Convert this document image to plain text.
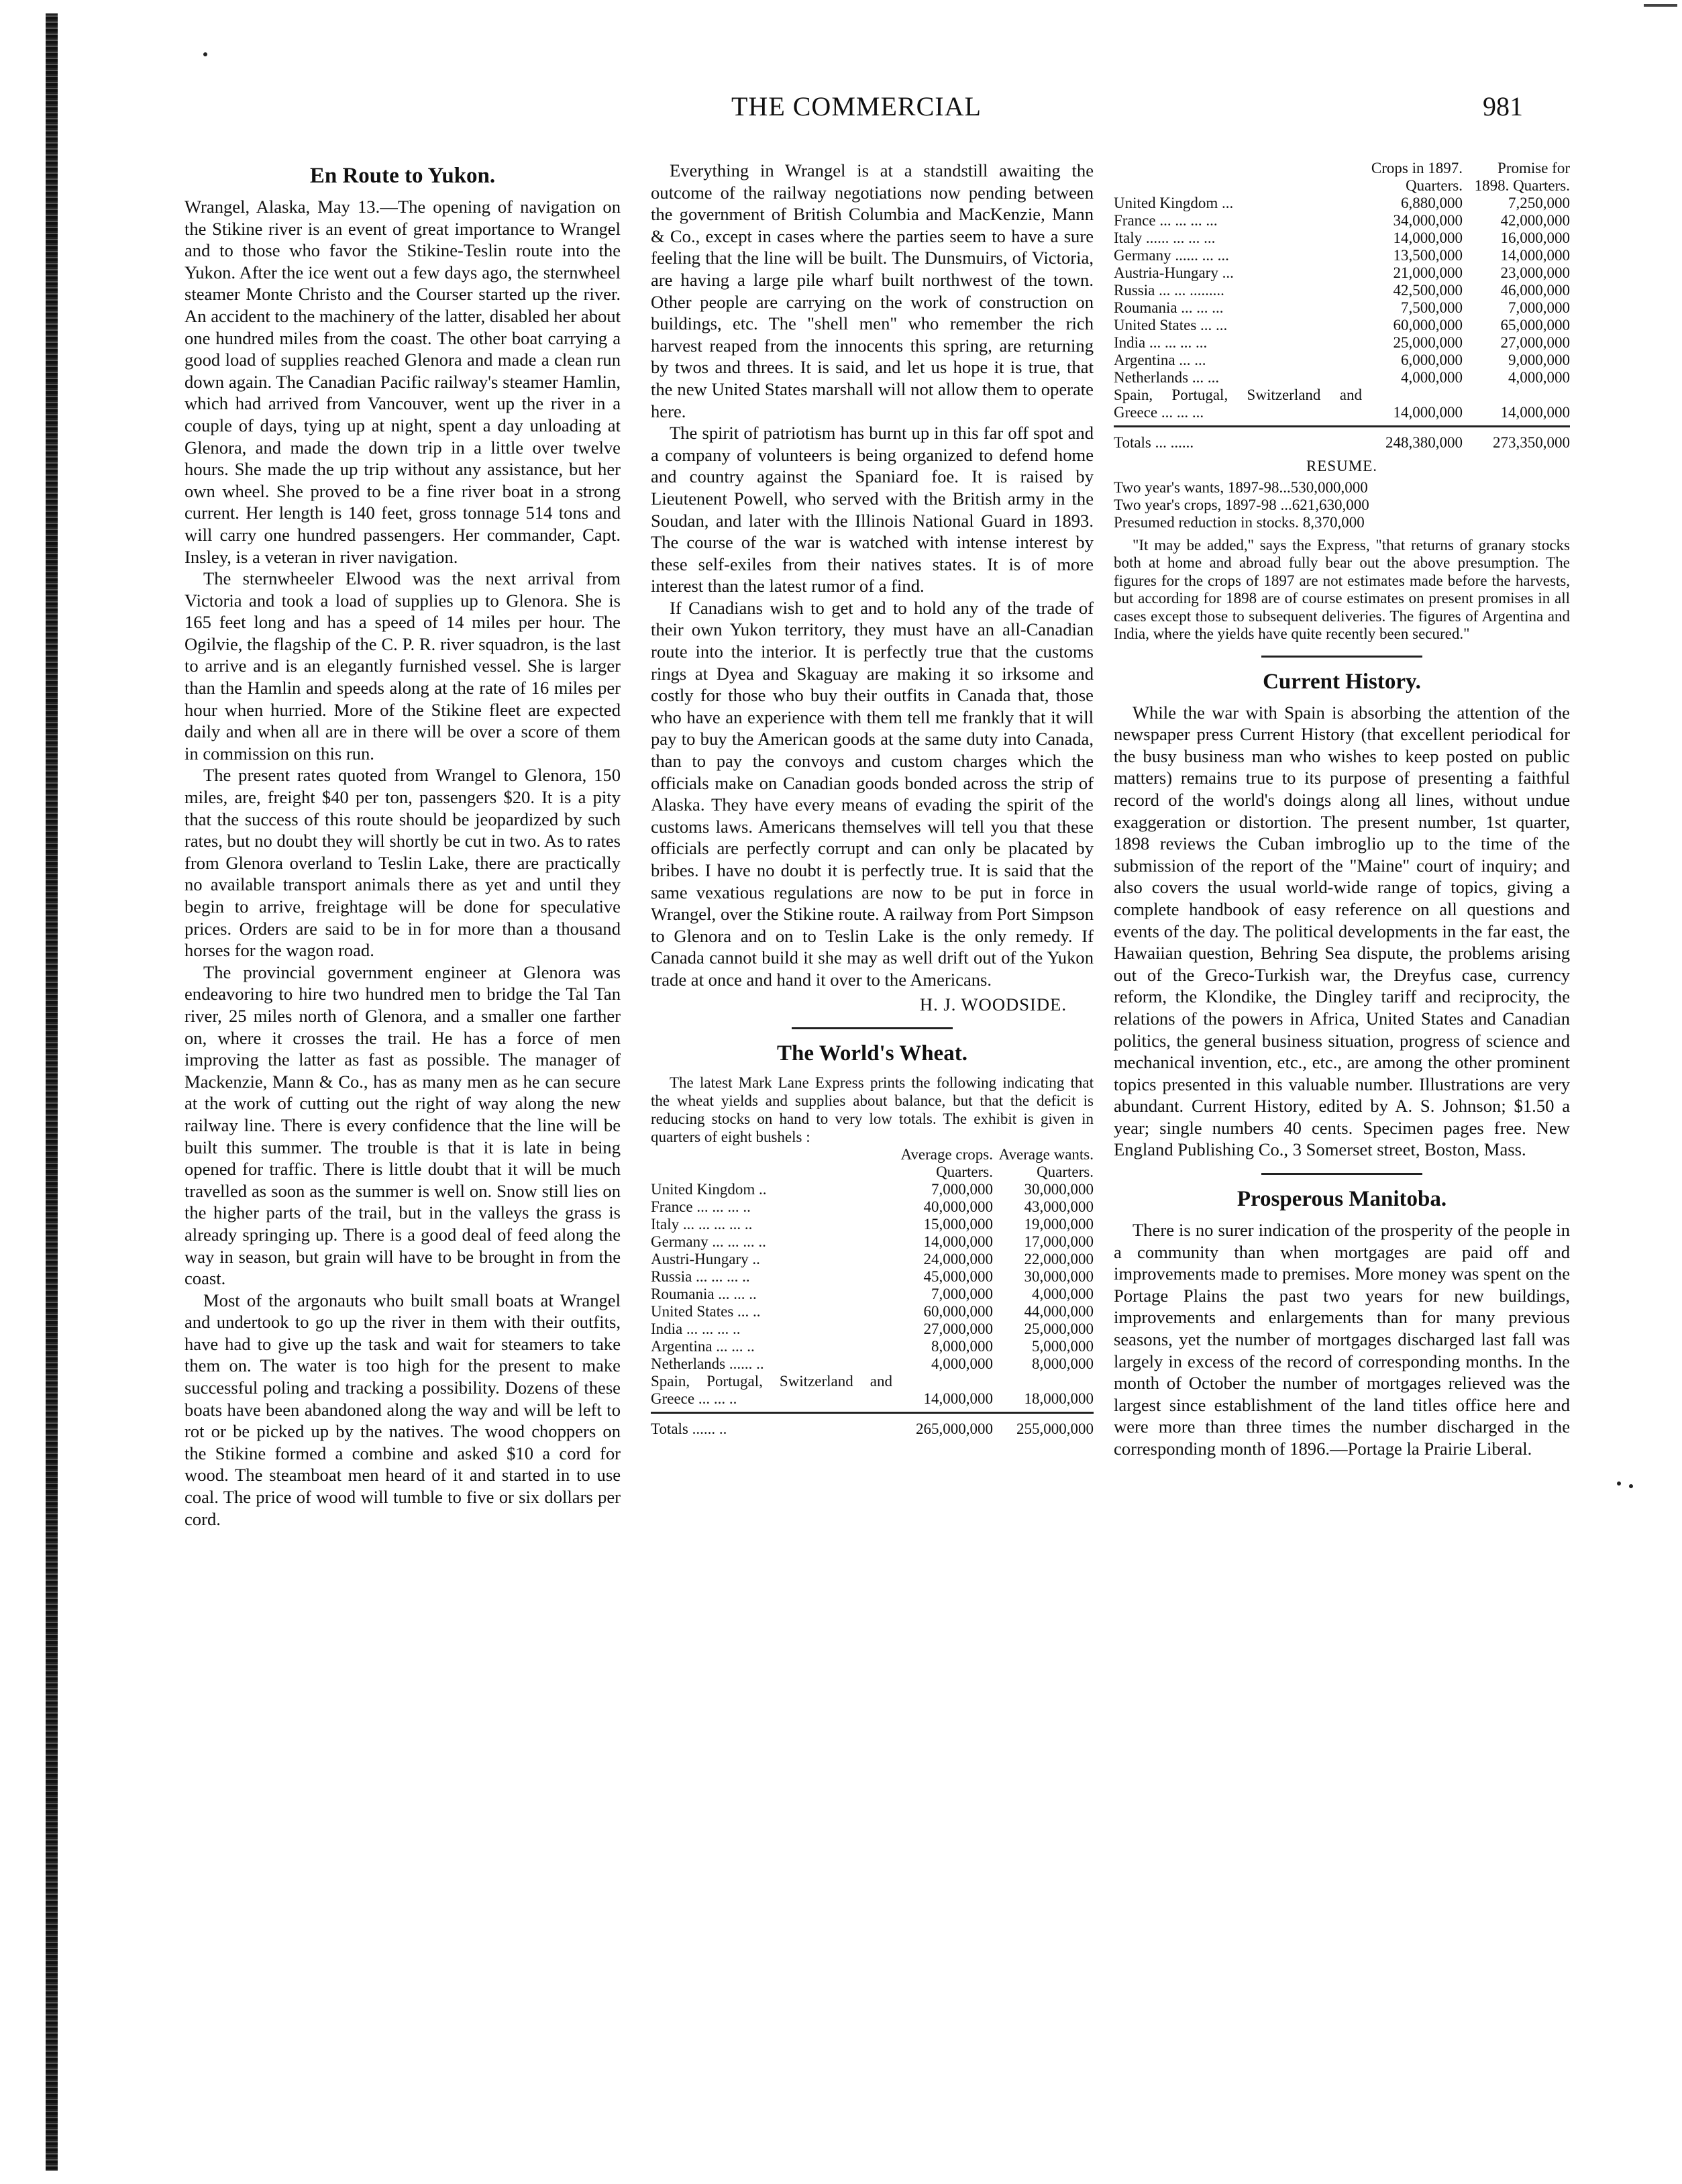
THE COMMERCIAL	981
En Route to Yukon.

Wrangel, Alaska, May 13.—The opening of navigation on the Stikine river is an event of great importance to Wrangel and to those who favor the Stikine-Teslin route into the Yukon. After the ice went out a few days ago, the sternwheel steamer Monte Christo and the Courser started up the river. An accident to the machinery of the latter, disabled her about one hundred miles from the coast. The other boat carrying a good load of supplies reached Glenora and made a clean run down again. The Canadian Pacific railway's steamer Hamlin, which had arrived from Vancouver, went up the river in a couple of days, tying up at night, spent a day unloading at Glenora, and made the down trip in a little over twelve hours. She made the up trip without any assistance, but her own wheel. She proved to be a fine river boat in a strong current. Her length is 140 feet, gross tonnage 514 tons and will carry one hundred passengers. Her commander, Capt. Insley, is a veteran in river navigation.

The sternwheeler Elwood was the next arrival from Victoria and took a load of supplies up to Glenora. She is 165 feet long and has a speed of 14 miles per hour. The Ogilvie, the flagship of the C. P. R. river squadron, is the last to arrive and is an elegantly furnished vessel. She is larger than the Hamlin and speeds along at the rate of 16 miles per hour when hurried. More of the Stikine fleet are expected daily and when all are in there will be over a score of them in commission on this run.

The present rates quoted from Wrangel to Glenora, 150 miles, are, freight $40 per ton, passengers $20. It is a pity that the success of this route should be jeopardized by such rates, but no doubt they will shortly be cut in two. As to rates from Glenora overland to Teslin Lake, there are practically no available transport animals there as yet and until they begin to arrive, freightage will be done for speculative prices. Orders are said to be in for more than a thousand horses for the wagon road.

The provincial government engineer at Glenora was endeavoring to hire two hundred men to bridge the Tal Tan river, 25 miles north of Glenora, and a smaller one farther on, where it crosses the trail. He has a force of men improving the latter as fast as possible. The manager of Mackenzie, Mann & Co., has as many men as he can secure at the work of cutting out the right of way along the new railway line. There is every confidence that the line will be built this summer. The trouble is that it is late in being opened for traffic. There is little doubt that it will be much travelled as soon as the summer is well on. Snow still lies on the higher parts of the trail, but in the valleys the grass is already springing up. There is a good deal of feed along the way in season, but grain will have to be brought in from the coast.

Most of the argonauts who built small boats at Wrangel and undertook to go up the river in them with their outfits, have had to give up the task and wait for steamers to take them on. The water is too high for the present to make successful poling and tracking a possibility. Dozens of these boats have been abandoned along the way and will be left to rot or be picked up by the natives. The wood choppers on the Stikine formed a combine and asked $10 a cord for wood. The steamboat men heard of it and started in to use coal. The price of wood will tumble to five or six dollars per cord.

Everything in Wrangel is at a standstill awaiting the outcome of the railway negotiations now pending between the government of British Columbia and MacKenzie, Mann & Co., except in cases where the parties seem to have a sure feeling that the line will be built. The Dunsmuirs, of Victoria, are having a large pile wharf built northwest of the town. Other people are carrying on the work of construction on buildings, etc. The "shell men" who remember the rich harvest reaped from the innocents this spring, are returning by twos and threes. It is said, and let us hope it is true, that the new United States marshall will not allow them to operate here.

The spirit of patriotism has burnt up in this far off spot and a company of volunteers is being organized to defend home and country against the Spaniard foe. It is raised by Lieutenent Powell, who served with the British army in the Soudan, and later with the Illinois National Guard in 1893. The course of the war is watched with intense interest by these self-exiles from their natives states. It is of more interest than the latest rumor of a find.

If Canadians wish to get and to hold any of the trade of their own Yukon territory, they must have an all-Canadian route into the interior. It is perfectly true that the customs rings at Dyea and Skaguay are making it so irksome and costly for those who buy their outfits in Canada that, those who have an experience with them tell me frankly that it will pay to buy the American goods at the same duty into Canada, than to pay the convoys and custom charges which the officials make on Canadian goods bonded across the strip of Alaska. They have every means of evading the spirit of the customs laws. Americans themselves will tell you that these officials are perfectly corrupt and can only be placated by bribes. I have no doubt it is perfectly true. It is said that the same vexatious regulations are now to be put in force in Wrangel, over the Stikine route. A railway from Port Simpson to Glenora and on to Teslin Lake is the only remedy. If Canada cannot build it she may as well drift out of the Yukon trade at once and hand it over to the Americans.

H. J. WOODSIDE.
The World's Wheat.

The latest Mark Lane Express prints the following indicating that the wheat yields and supplies about balance, but that the deficit is reducing stocks on hand to very low totals. The exhibit is given in quarters of eight bushels :

	Average crops. Quarters.	Average wants. Quarters.
United Kingdom ..	7,000,000	30,000,000
France ... ... ... ..	40,000,000	43,000,000
Italy ... ... ... ... ..	15,000,000	19,000,000
Germany ... ... ... ..	14,000,000	17,000,000
Austri-Hungary ..	24,000,000	22,000,000
Russia ... ... ... ..	45,000,000	30,000,000
Roumania ... ... ..	7,000,000	4,000,000
United States ... ..	60,000,000	44,000,000
India ... ... ... ..	27,000,000	25,000,000
Argentina ... ... ..	8,000,000	5,000,000
Netherlands ...... ..	4,000,000	8,000,000
Spain, Portugal, Switzerland and Greece ... ... ..	14,000,000	18,000,000

Totals ...... ..	265,000,000	255,000,000
	Crops in 1897. Quarters.	Promise for 1898. Quarters.
United Kingdom ...	6,880,000	7,250,000
France ... ... ... ...	34,000,000	42,000,000
Italy ...... ... ... ...	14,000,000	16,000,000
Germany ...... ... ...	13,500,000	14,000,000
Austria-Hungary ...	21,000,000	23,000,000
Russia ... ... .........	42,500,000	46,000,000
Roumania ... ... ...	7,500,000	7,000,000
United States ... ...	60,000,000	65,000,000
India ... ... ... ...	25,000,000	27,000,000
Argentina ... ...	6,000,000	9,000,000
Netherlands ... ...	4,000,000	4,000,000
Spain, Portugal, Switzerland and Greece ... ... ...	14,000,000	14,000,000

Totals ... ......	248,380,000	273,350,000
RESUME.
Two year's wants, 1897-98...530,000,000
Two year's crops, 1897-98 ...621,630,000
Presumed reduction in stocks. 8,370,000

"It may be added," says the Express, "that returns of granary stocks both at home and abroad fully bear out the above presumption. The figures for the crops of 1897 are not estimates made before the harvests, but according for 1898 are of course estimates on present promises in all cases except those to subsequent deliveries. The figures of Argentina and India, where the yields have quite recently been secured."

Current History.

While the war with Spain is absorbing the attention of the newspaper press Current History (that excellent periodical for the busy business man who wishes to keep posted on public matters) remains true to its purpose of presenting a faithful record of the world's doings along all lines, without undue exaggeration or distortion. The present number, 1st quarter, 1898 reviews the Cuban imbroglio up to the time of the submission of the report of the "Maine" court of inquiry; and also covers the usual world-wide range of topics, giving a complete handbook of easy reference on all questions and events of the day. The political developments in the far east, the Hawaiian question, Behring Sea dispute, the problems arising out of the Greco-Turkish war, the Dreyfus case, currency reform, the Klondike, the Dingley tariff and reciprocity, the relations of the powers in Africa, United States and Canadian politics, the general business situation, progress of science and mechanical invention, etc., etc., are among the other prominent topics presented in this valuable number. Illustrations are very abundant. Current History, edited by A. S. Johnson; $1.50 a year; single numbers 40 cents. Specimen pages free. New England Publishing Co., 3 Somerset street, Boston, Mass.

Prosperous Manitoba.

There is no surer indication of the prosperity of the people in a community than when mortgages are paid off and improvements made to premises. More money was spent on the Portage Plains the past two years for new buildings, improvements and enlargements than for many previous seasons, yet the number of mortgages discharged last fall was largely in excess of the record of corresponding months. In the month of October the number of mortgages relieved was the largest since establishment of the land titles office here and were more than three times the number discharged in the corresponding month of 1896.—Portage la Prairie Liberal.
